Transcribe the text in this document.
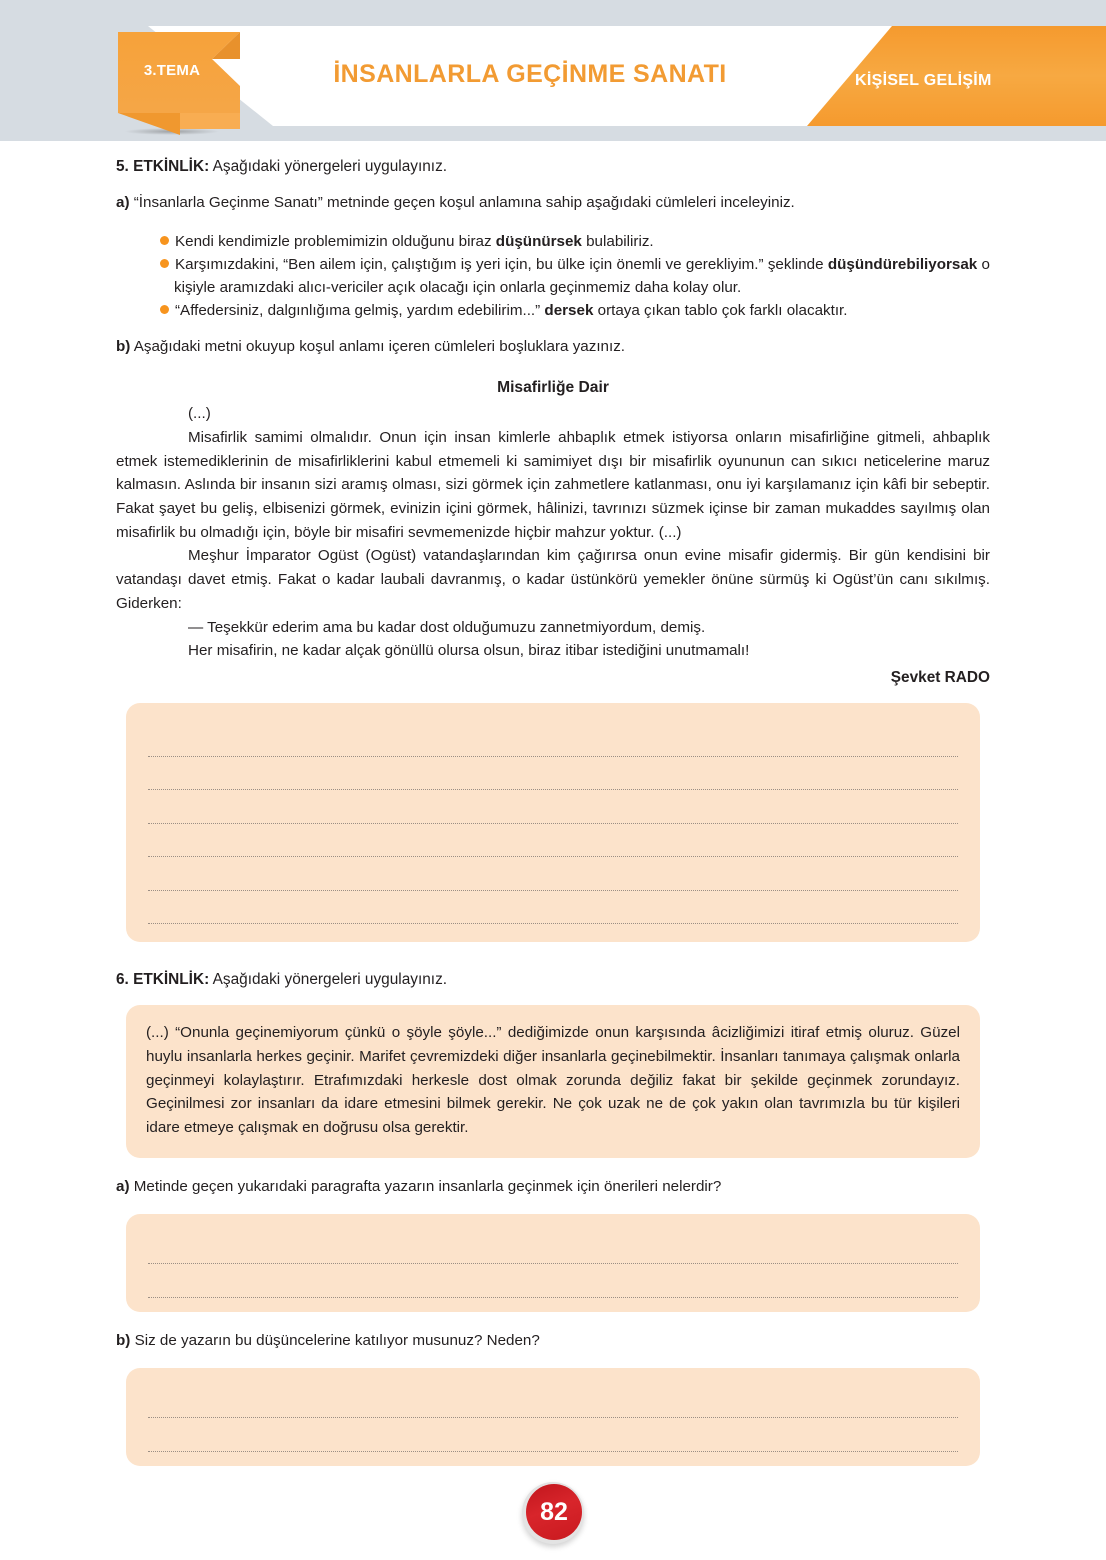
İNSANLARLA GEÇİNME SANATI	KİŞİSEL GELİŞİM
3.TEMA

5. ETKİNLİK: Aşağıdaki yönergeleri uygulayınız.

a) “İnsanlarla Geçinme Sanatı” metninde geçen koşul anlamına sahip aşağıdaki cümleleri inceleyiniz.

Kendi kendimizle problemimizin olduğunu biraz düşünürsek bulabiliriz.
Karşımızdakini, “Ben ailem için, çalıştığım iş yeri için, bu ülke için önemli ve gerekliyim.” şeklinde düşündürebiliyorsak o kişiyle aramızdaki alıcı-vericiler açık olacağı için onlarla geçinmemiz daha kolay olur.
“Affedersiniz, dalgınlığıma gelmiş, yardım edebilirim...” dersek ortaya çıkan tablo çok farklı olacaktır.

b) Aşağıdaki metni okuyup koşul anlamı içeren cümleleri boşluklara yazınız.

Misafirliğe Dair
(...)
Misafirlik samimi olmalıdır. Onun için insan kimlerle ahbaplık etmek istiyorsa onların misafirliğine gitmeli, ahbaplık etmek istemediklerinin de misafirliklerini kabul etmemeli ki samimiyet dışı bir misafirlik oyununun can sıkıcı neticelerine maruz kalmasın. Aslında bir insanın sizi aramış olması, sizi görmek için zahmetlere katlanması, onu iyi karşılamanız için kâfi bir sebeptir. Fakat şayet bu geliş, elbisenizi görmek, evinizin içini görmek, hâlinizi, tavrınızı süzmek içinse bir zaman mukaddes sayılmış olan misafirlik bu olmadığı için, böyle bir misafiri sevmemenizde hiçbir mahzur yoktur. (...)
Meşhur İmparator Ogüst (Ogüst) vatandaşlarından kim çağırırsa onun evine misafir gidermiş. Bir gün kendisini bir vatandaşı davet etmiş. Fakat o kadar laubali davranmış, o kadar üstünkörü yemekler önüne sürmüş ki Ogüst’ün canı sıkılmış. Giderken:
— Teşekkür ederim ama bu kadar dost olduğumuzu zannetmiyordum, demiş.
Her misafirin, ne kadar alçak gönüllü olursa olsun, biraz itibar istediğini unutmamalı!
Şevket RADO

6. ETKİNLİK: Aşağıdaki yönergeleri uygulayınız.

(...) “Onunla geçinemiyorum çünkü o şöyle şöyle...” dediğimizde onun karşısında âcizliğimizi itiraf etmiş oluruz. Güzel huylu insanlarla herkes geçinir. Marifet çevremizdeki diğer insanlarla geçinebilmektir. İnsanları tanımaya çalışmak onlarla geçinmeyi kolaylaştırır. Etrafımızdaki herkesle dost olmak zorunda değiliz fakat bir şekilde geçinmek zorundayız. Geçinilmesi zor insanları da idare etmesini bilmek gerekir. Ne çok uzak ne de çok yakın olan tavrımızla bu tür kişileri idare etmeye çalışmak en doğrusu olsa gerektir.

a) Metinde geçen yukarıdaki paragrafta yazarın insanlarla geçinmek için önerileri nelerdir?

b) Siz de yazarın bu düşüncelerine katılıyor musunuz? Neden?

82
